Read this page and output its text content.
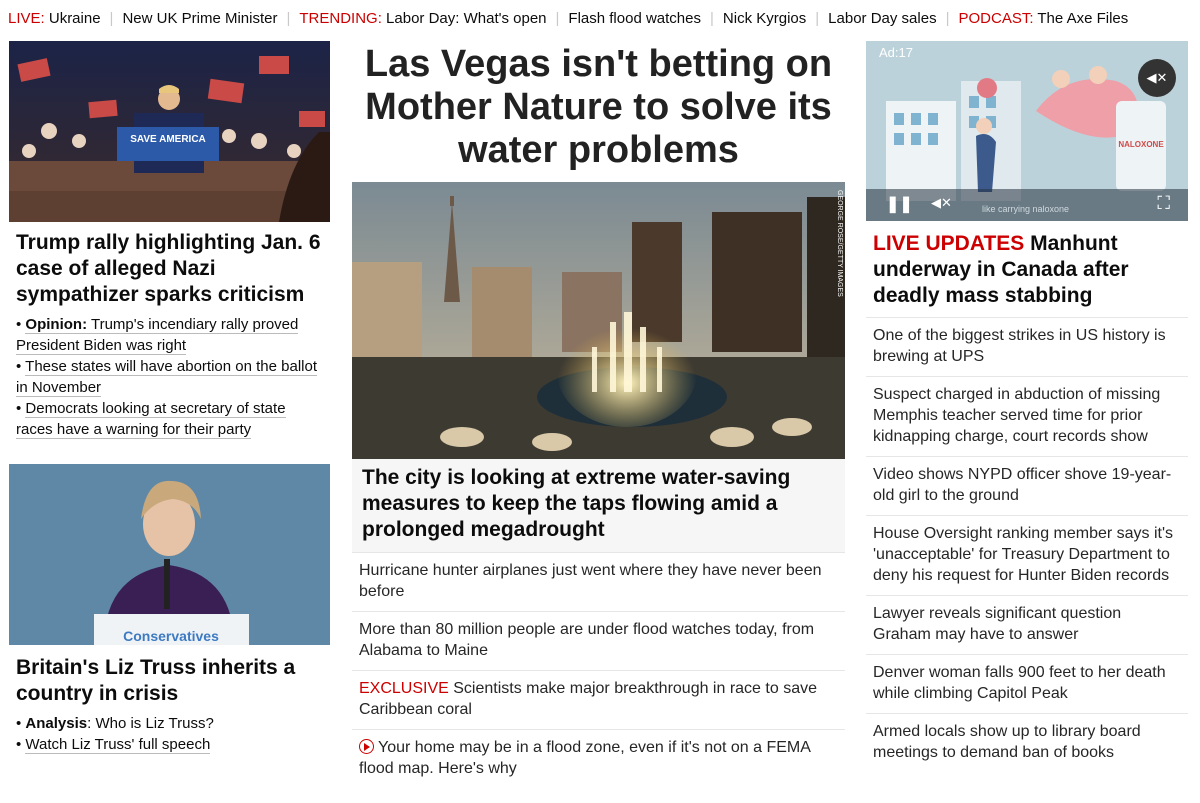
LIVE: Ukraine | New UK Prime Minister | TRENDING: Labor Day: What's open | Flash flood watches | Nick Kyrgios | Labor Day sales | PODCAST: The Axe Files
SAVE AMERICA
Trump rally highlighting Jan. 6 case of alleged Nazi sympathizer sparks criticism
• Opinion: Trump's incendiary rally proved President Biden was right
• These states will have abortion on the ballot in November
• Democrats looking at secretary of state races have a warning for their party
Conservatives
Britain's Liz Truss inherits a country in crisis
• Analysis: Who is Liz Truss?
• Watch Liz Truss' full speech
Las Vegas isn't betting on Mother Nature to solve its water problems
GEORGE ROSE/GETTY IMAGES
The city is looking at extreme water-saving measures to keep the taps flowing amid a prolonged megadrought
Hurricane hunter airplanes just went where they have never been before
More than 80 million people are under flood watches today, from Alabama to Maine
EXCLUSIVE Scientists make major breakthrough in race to save Caribbean coral
Your home may be in a flood zone, even if it's not on a FEMA flood map. Here's why
NALOXONE
Ad:17
◀✕
❚❚ ◀✕	like carrying naloxone	⛶
LIVE UPDATES Manhunt underway in Canada after deadly mass stabbing
One of the biggest strikes in US history is brewing at UPS
Suspect charged in abduction of missing Memphis teacher served time for prior kidnapping charge, court records show
Video shows NYPD officer shove 19-year-old girl to the ground
House Oversight ranking member says it's 'unacceptable' for Treasury Department to deny his request for Hunter Biden records
Lawyer reveals significant question Graham may have to answer
Denver woman falls 900 feet to her death while climbing Capitol Peak
Armed locals show up to library board meetings to demand ban of books
